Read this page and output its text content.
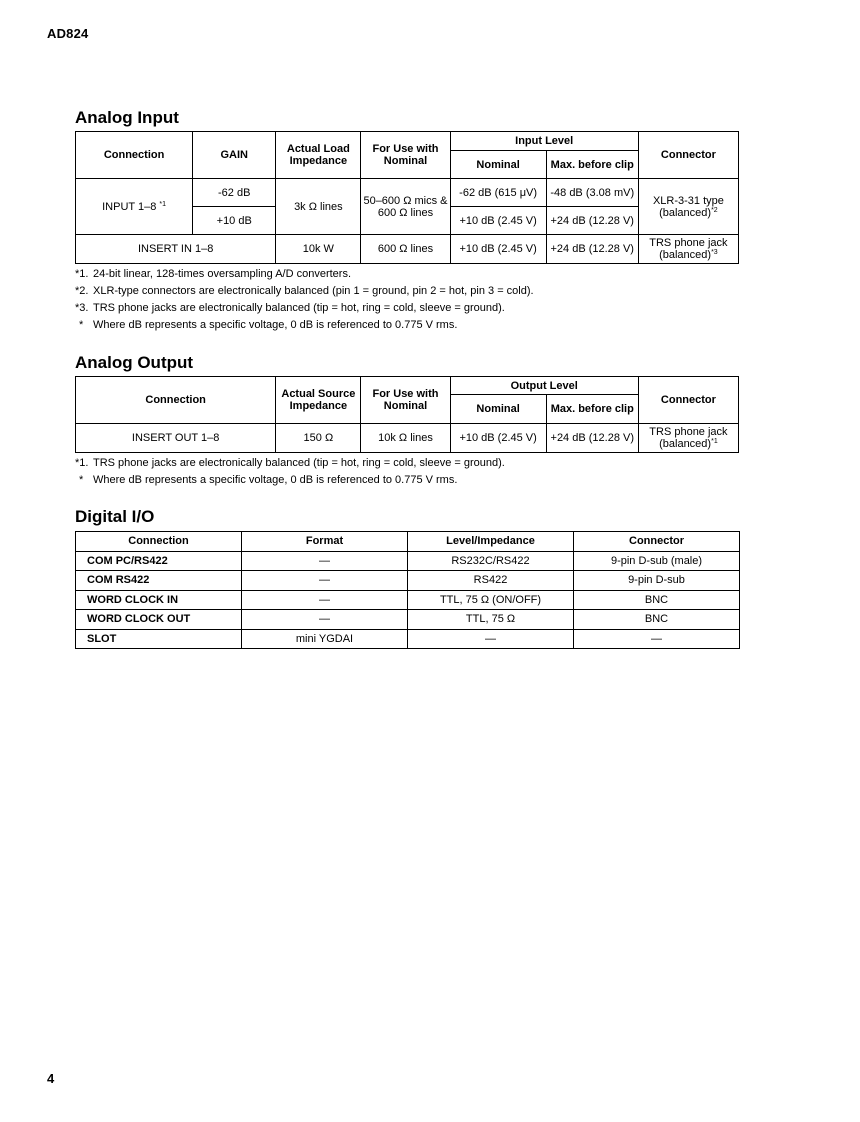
AD824
Analog Input
Connection	GAIN	Actual Load Impedance	For Use with Nominal	Input Level		Connector
				Nominal	Max. before clip	
INPUT 1–8 $^{*1}$	-62 dB	3k Ω lines	50–600 Ω mics & 600 Ω lines	-62 dB (615 μV)	-48 dB (3.08 mV)	XLR-3-31 type (balanced)$^{*2}$
	+10 dB			+10 dB (2.45 V)	+24 dB (12.28 V)	
INSERT IN 1–8		10k W	600 Ω lines	+10 dB (2.45 V)	+24 dB (12.28 V)	TRS phone jack (balanced)$^{*3}$
*1. 24-bit linear, 128-times oversampling A/D converters.
*2. XLR-type connectors are electronically balanced (pin 1 = ground, pin 2 = hot, pin 3 = cold).
*3. TRS phone jacks are electronically balanced (tip = hot, ring = cold, sleeve = ground).
* Where dB represents a specific voltage, 0 dB is referenced to 0.775 V rms.
Analog Output
Connection	Actual Source Impedance	For Use with Nominal	Output Level		Connector
			Nominal	Max. before clip	
INSERT OUT 1–8	150 Ω	10k Ω lines	+10 dB (2.45 V)	+24 dB (12.28 V)	TRS phone jack (balanced)$^{*1}$
*1. TRS phone jacks are electronically balanced (tip = hot, ring = cold, sleeve = ground).
* Where dB represents a specific voltage, 0 dB is referenced to 0.775 V rms.
Digital I/O
Connection	Format	Level/Impedance	Connector
COM PC/RS422	—	RS232C/RS422	9-pin D-sub (male)
COM RS422	—	RS422	9-pin D-sub
WORD CLOCK IN	—	TTL, 75 Ω (ON/OFF)	BNC
WORD CLOCK OUT	—	TTL, 75 Ω	BNC
SLOT	mini YGDAI	—	—
4
